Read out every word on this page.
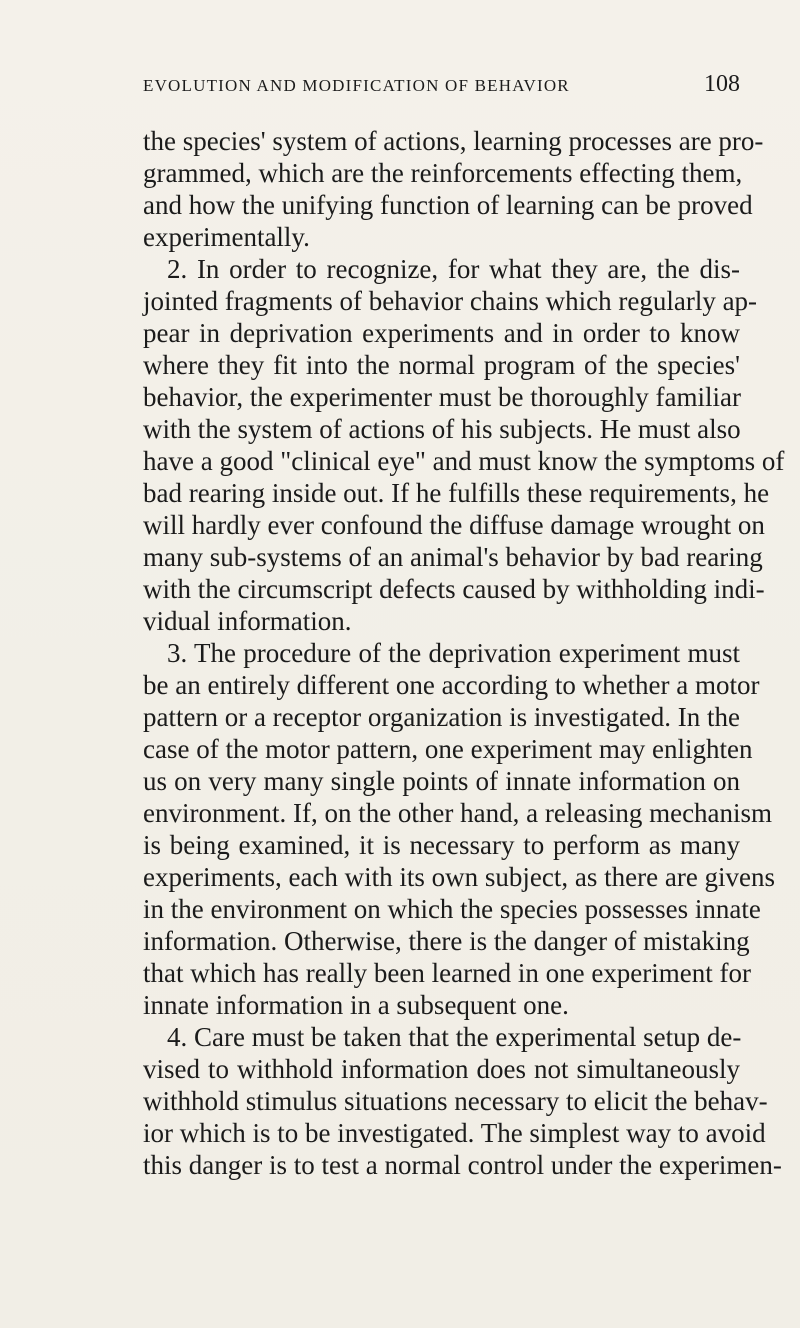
EVOLUTION AND MODIFICATION OF BEHAVIOR	108
the species' system of actions, learning processes are pro-
grammed, which are the reinforcements effecting them,
and how the unifying function of learning can be proved
experimentally.
2. In order to recognize, for what they are, the dis-
jointed fragments of behavior chains which regularly ap-
pear in deprivation experiments and in order to know
where they fit into the normal program of the species'
behavior, the experimenter must be thoroughly familiar
with the system of actions of his subjects. He must also
have a good "clinical eye" and must know the symptoms of
bad rearing inside out. If he fulfills these requirements, he
will hardly ever confound the diffuse damage wrought on
many sub-systems of an animal's behavior by bad rearing
with the circumscript defects caused by withholding indi-
vidual information.
3. The procedure of the deprivation experiment must
be an entirely different one according to whether a motor
pattern or a receptor organization is investigated. In the
case of the motor pattern, one experiment may enlighten
us on very many single points of innate information on
environment. If, on the other hand, a releasing mechanism
is being examined, it is necessary to perform as many
experiments, each with its own subject, as there are givens
in the environment on which the species possesses innate
information. Otherwise, there is the danger of mistaking
that which has really been learned in one experiment for
innate information in a subsequent one.
4. Care must be taken that the experimental setup de-
vised to withhold information does not simultaneously
withhold stimulus situations necessary to elicit the behav-
ior which is to be investigated. The simplest way to avoid
this danger is to test a normal control under the experimen-
